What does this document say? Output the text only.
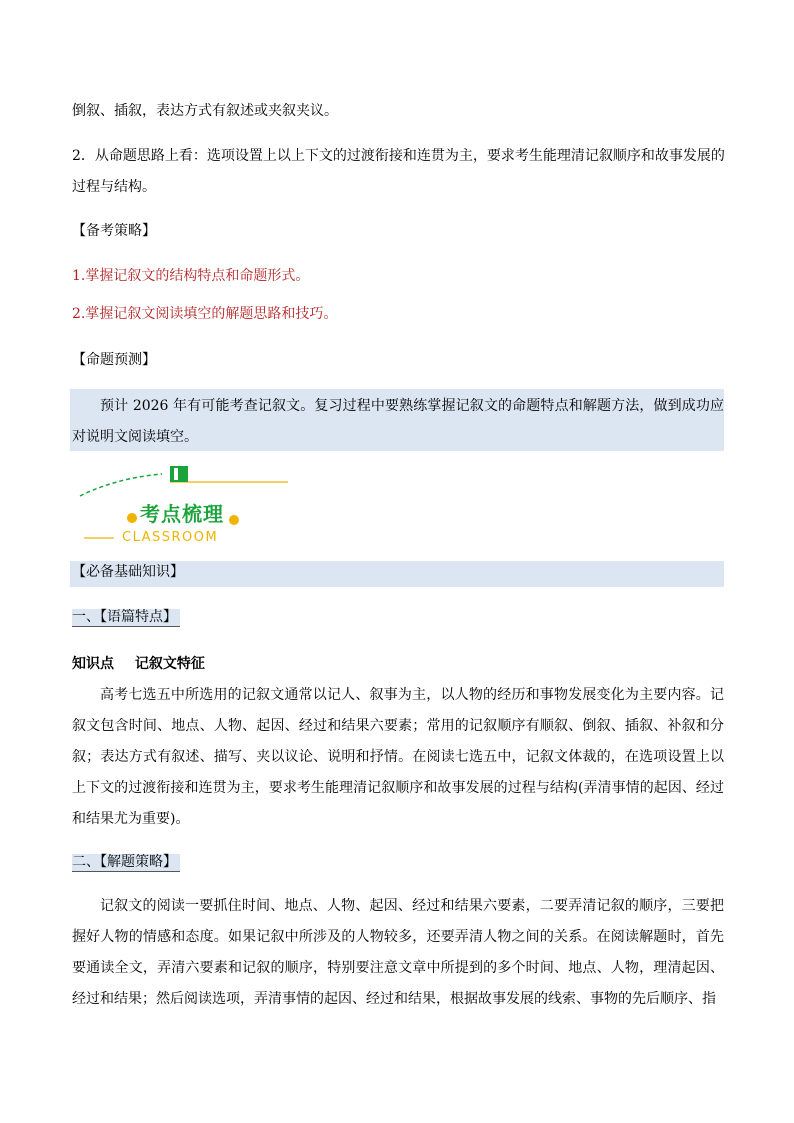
倒叙、插叙，表达方式有叙述或夹叙夹议。
2．从命题思路上看：选项设置上以上下文的过渡衔接和连贯为主，要求考生能理清记叙顺序和故事发展的
过程与结构。
【备考策略】
1.掌握记叙文的结构特点和命题形式。
2.掌握记叙文阅读填空的解题思路和技巧。
【命题预测】
预计 2026 年有可能考查记叙文。复习过程中要熟练掌握记叙文的命题特点和解题方法，做到成功应对说明文阅读填空。
考点梳理
CLASSROOM
【必备基础知识】
一、【语篇特点】
知识点 记叙文特征
高考七选五中所选用的记叙文通常以记人、叙事为主，以人物的经历和事物发展变化为主要内容。记叙文包含时间、地点、人物、起因、经过和结果六要素；常用的记叙顺序有顺叙、倒叙、插叙、补叙和分叙；表达方式有叙述、描写、夹以议论、说明和抒情。在阅读七选五中，记叙文体裁的，在选项设置上以上下文的过渡衔接和连贯为主，要求考生能理清记叙顺序和故事发展的过程与结构(弄清事情的起因、经过和结果尤为重要)。
二、【解题策略】
记叙文的阅读一要抓住时间、地点、人物、起因、经过和结果六要素，二要弄清记叙的顺序，三要把握好人物的情感和态度。如果记叙中所涉及的人物较多，还要弄清人物之间的关系。在阅读解题时，首先要通读全文，弄清六要素和记叙的顺序，特别要注意文章中所提到的多个时间、地点、人物，理清起因、经过和结果；然后阅读选项，弄清事情的起因、经过和结果，根据故事发展的线索、事物的先后顺序、指
